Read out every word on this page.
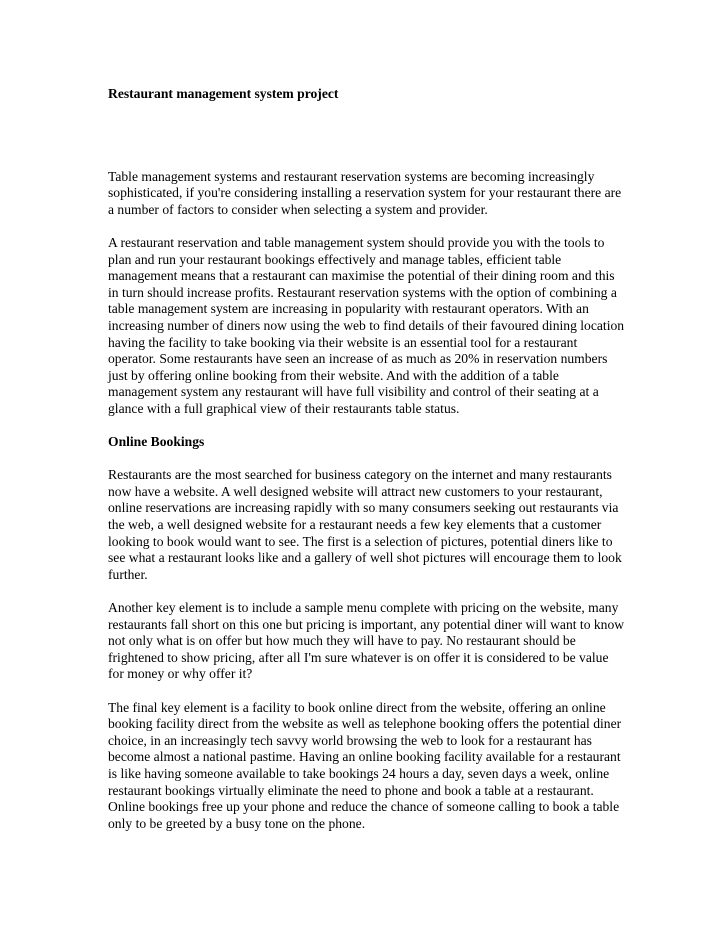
Restaurant management system project

Table management systems and restaurant reservation systems are becoming increasingly sophisticated, if you're considering installing a reservation system for your restaurant there are a number of factors to consider when selecting a system and provider.

A restaurant reservation and table management system should provide you with the tools to plan and run your restaurant bookings effectively and manage tables, efficient table management means that a restaurant can maximise the potential of their dining room and this in turn should increase profits. Restaurant reservation systems with the option of combining a table management system are increasing in popularity with restaurant operators. With an increasing number of diners now using the web to find details of their favoured dining location having the facility to take booking via their website is an essential tool for a restaurant operator. Some restaurants have seen an increase of as much as 20% in reservation numbers just by offering online booking from their website. And with the addition of a table management system any restaurant will have full visibility and control of their seating at a glance with a full graphical view of their restaurants table status.

Online Bookings

Restaurants are the most searched for business category on the internet and many restaurants now have a website. A well designed website will attract new customers to your restaurant, online reservations are increasing rapidly with so many consumers seeking out restaurants via the web, a well designed website for a restaurant needs a few key elements that a customer looking to book would want to see. The first is a selection of pictures, potential diners like to see what a restaurant looks like and a gallery of well shot pictures will encourage them to look further.

Another key element is to include a sample menu complete with pricing on the website, many restaurants fall short on this one but pricing is important, any potential diner will want to know not only what is on offer but how much they will have to pay. No restaurant should be frightened to show pricing, after all I'm sure whatever is on offer it is considered to be value for money or why offer it?

The final key element is a facility to book online direct from the website, offering an online booking facility direct from the website as well as telephone booking offers the potential diner choice, in an increasingly tech savvy world browsing the web to look for a restaurant has become almost a national pastime. Having an online booking facility available for a restaurant is like having someone available to take bookings 24 hours a day, seven days a week, online restaurant bookings virtually eliminate the need to phone and book a table at a restaurant. Online bookings free up your phone and reduce the chance of someone calling to book a table only to be greeted by a busy tone on the phone.
